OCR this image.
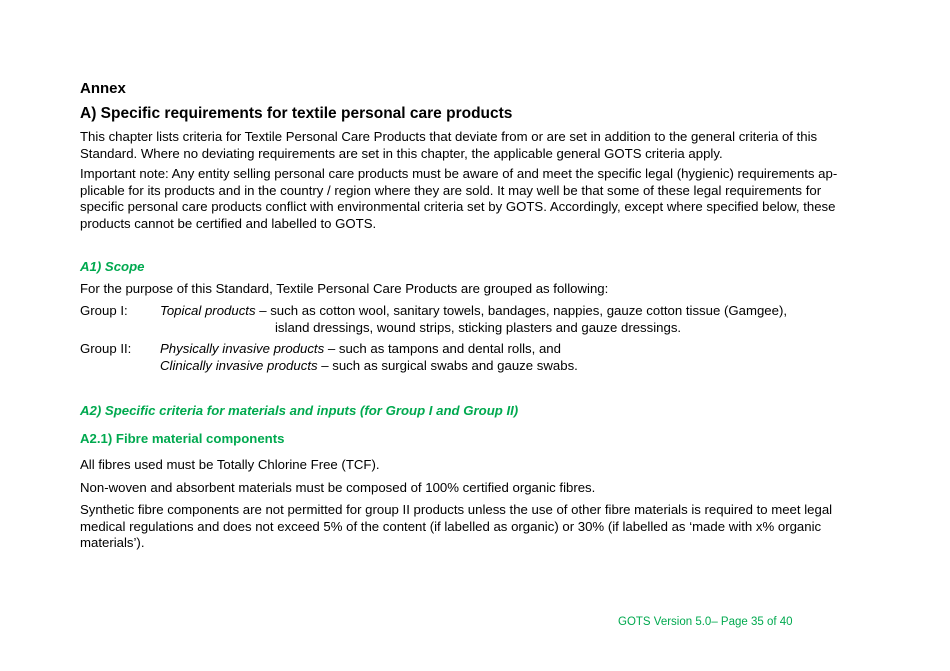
Annex
A) Specific requirements for textile personal care products

This chapter lists criteria for Textile Personal Care Products that deviate from or are set in addition to the general criteria of this Standard. Where no deviating requirements are set in this chapter, the applicable general GOTS criteria apply.

Important note: Any entity selling personal care products must be aware of and meet the specific legal (hygienic) requirements ap-

plicable for its products and in the country / region where they are sold. It may well be that some of these legal requirements for

specific personal care products conflict with environmental criteria set by GOTS. Accordingly, except where specified below, these

products cannot be certified and labelled to GOTS.

A1) Scope

For the purpose of this Standard, Textile Personal Care Products are grouped as following:

Group I: Topical products – such as cotton wool, sanitary towels, bandages, nappies, gauze cotton tissue (Gamgee),
island dressings, wound strips, sticking plasters and gauze dressings.
Group II: Physically invasive products – such as tampons and dental rolls, and
Clinically invasive products – such as surgical swabs and gauze swabs.
A2) Specific criteria for materials and inputs (for Group I and Group II)
A2.1) Fibre material components

All fibres used must be Totally Chlorine Free (TCF).

Non-woven and absorbent materials must be composed of 100% certified organic fibres.

Synthetic fibre components are not permitted for group II products unless the use of other fibre materials is required to meet legal

medical regulations and does not exceed 5% of the content (if labelled as organic) or 30% (if labelled as ‘made with x% organic

materials’).

GOTS Version 5.0– Page 35 of 40
